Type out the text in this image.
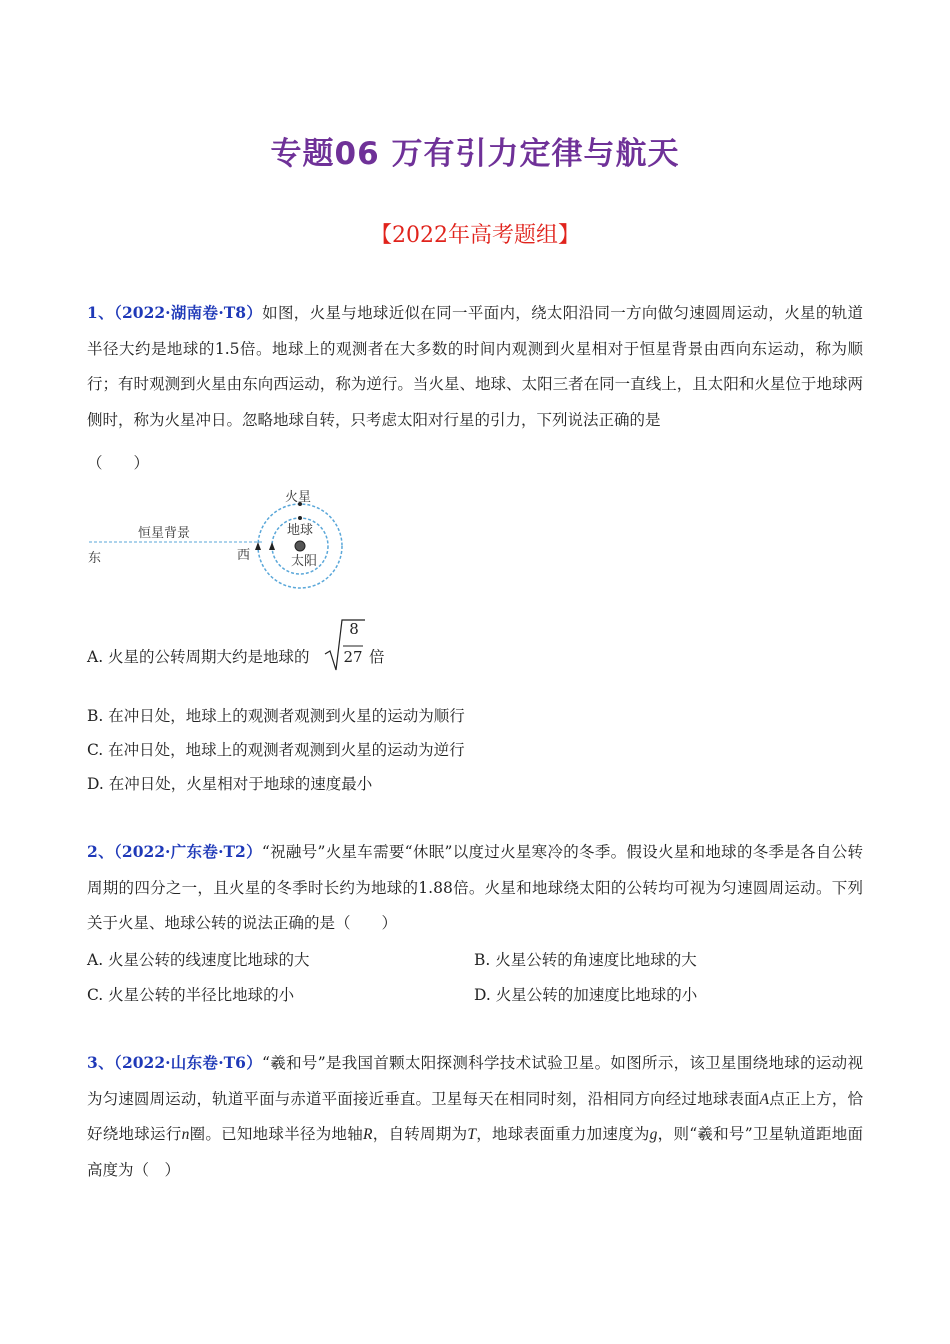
专题06 万有引力定律与航天
【2022年高考题组】
1、（2022·湖南卷·T8）如图，火星与地球近似在同一平面内，绕太阳沿同一方向做匀速圆周运动，火星的轨道半径大约是地球的1.5倍。地球上的观测者在大多数的时间内观测到火星相对于恒星背景由西向东运动，称为顺行；有时观测到火星由东向西运动，称为逆行。当火星、地球、太阳三者在同一直线上，且太阳和火星位于地球两侧时，称为火星冲日。忽略地球自转，只考虑太阳对行星的引力，下列说法正确的是
（　　）
火星
地球
太阳
恒星背景
东	西
A. 火星的公转周期大约是地球的
8
27 倍
B. 在冲日处，地球上的观测者观测到火星的运动为顺行
C. 在冲日处，地球上的观测者观测到火星的运动为逆行
D. 在冲日处，火星相对于地球的速度最小
2、（2022·广东卷·T2）“祝融号”火星车需要“休眠”以度过火星寒冷的冬季。假设火星和地球的冬季是各自公转周期的四分之一，且火星的冬季时长约为地球的1.88倍。火星和地球绕太阳的公转均可视为匀速圆周运动。下列关于火星、地球公转的说法正确的是（　　）
A. 火星公转的线速度比地球的大	B. 火星公转的角速度比地球的大
C. 火星公转的半径比地球的小	D. 火星公转的加速度比地球的小
3、（2022·山东卷·T6）“羲和号”是我国首颗太阳探测科学技术试验卫星。如图所示，该卫星围绕地球的运动视为匀速圆周运动，轨道平面与赤道平面接近垂直。卫星每天在相同时刻，沿相同方向经过地球表面A点正上方，恰好绕地球运行n圈。已知地球半径为地轴R，自转周期为T，地球表面重力加速度为g，则“羲和号”卫星轨道距地面高度为（　）
